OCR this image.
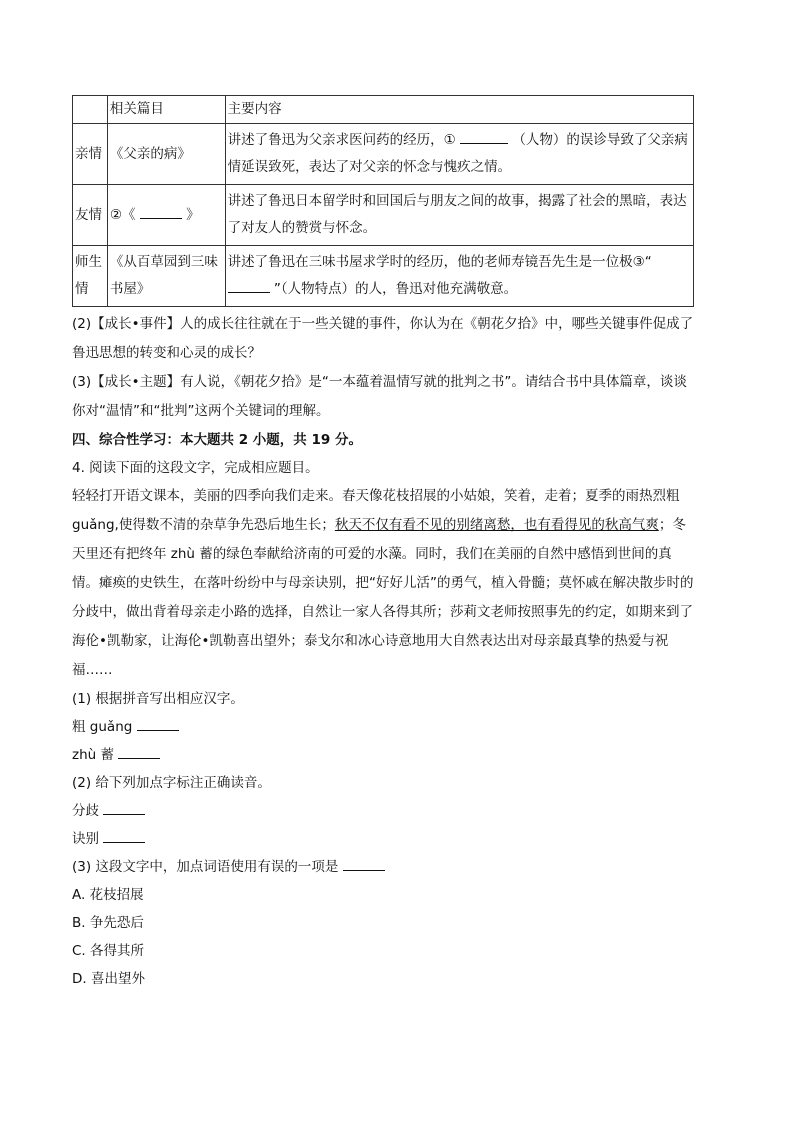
	相关篇目	主要内容
亲情	《父亲的病》	讲述了鲁迅为父亲求医问药的经历，① （人物）的误诊导致了父亲病情延误致死，表达了对父亲的怀念与愧疚之情。
友情	②《 》	讲述了鲁迅日本留学时和回国后与朋友之间的故事，揭露了社会的黑暗，表达了对友人的赞赏与怀念。
师生情	《从百草园到三味书屋》	讲述了鲁迅在三味书屋求学时的经历，他的老师寿镜吾先生是一位极③“  ”（人物特点）的人，鲁迅对他充满敬意。

(2)【成长•事件】人的成长往往就在于一些关键的事件，你认为在《朝花夕拾》中，哪些关键事件促成了鲁迅思想的转变和心灵的成长？

(3)【成长•主题】有人说，《朝花夕拾》是“一本蕴着温情写就的批判之书”。请结合书中具体篇章，谈谈你对“温情”和“批判”这两个关键词的理解。

四、综合性学习：本大题共 2 小题，共 19 分。

4. 阅读下面的这段文字，完成相应题目。

轻轻打开语文课本，美丽的四季向我们走来。春天像花枝招展的小姑娘，笑着，走着；夏季的雨热烈粗guǎng,使得数不清的杂草争先恐后地生长；秋天不仅有看不见的别绪离愁，也有看得见的秋高气爽；冬天里还有把终年 zhù 蓄的绿色奉献给济南的可爱的水藻。同时，我们在美丽的自然中感悟到世间的真情。瘫痪的史铁生，在落叶纷纷中与母亲诀别，把“好好儿活”的勇气，植入骨髓；莫怀戚在解决散步时的分歧中，做出背着母亲走小路的选择，自然让一家人各得其所；莎莉文老师按照事先的约定，如期来到了海伦•凯勒家，让海伦•凯勒喜出望外；泰戈尔和冰心诗意地用大自然表达出对母亲最真挚的热爱与祝福……

(1) 根据拼音写出相应汉字。

粗 guǎng

zhù 蓄

(2) 给下列加点字标注正确读音。

分歧

诀别

(3) 这段文字中，加点词语使用有误的一项是

A. 花枝招展

B. 争先恐后

C. 各得其所

D. 喜出望外
